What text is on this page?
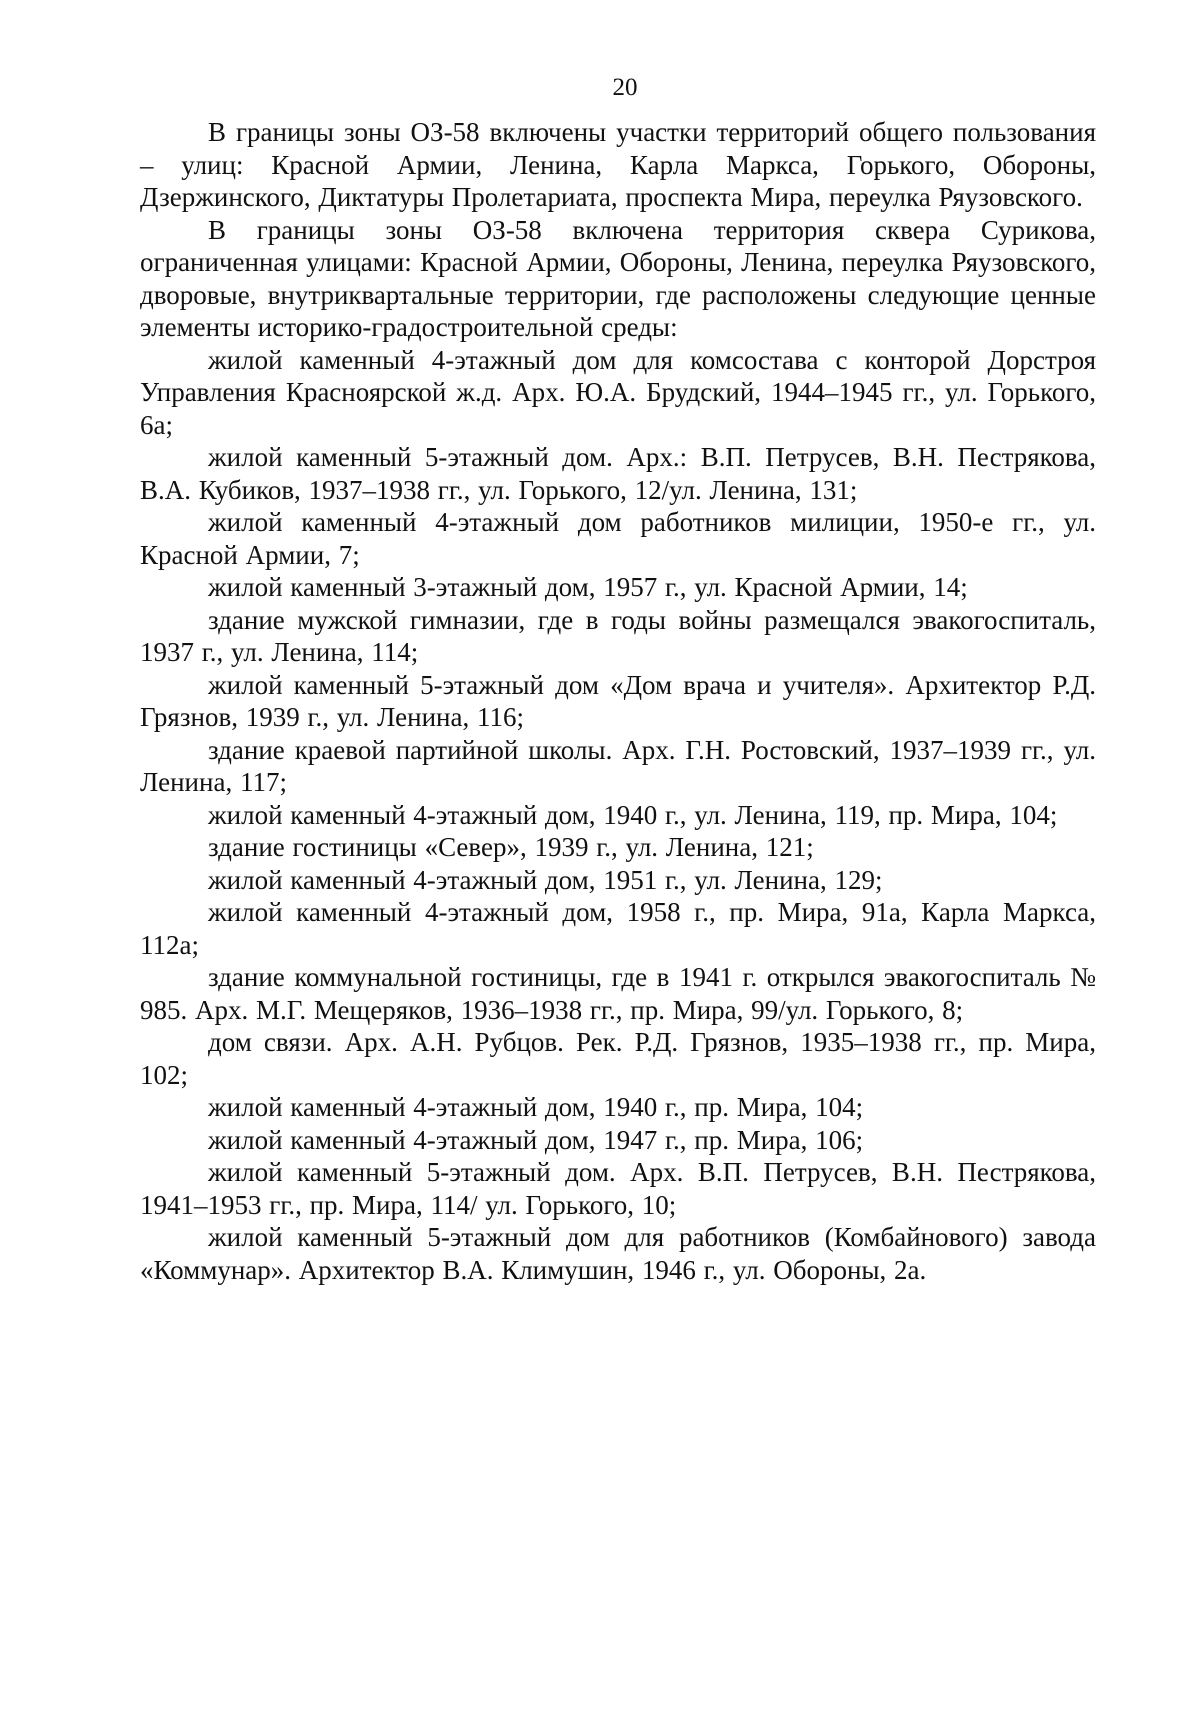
20

В границы зоны ОЗ-58 включены участки территорий общего пользования – улиц: Красной Армии, Ленина, Карла Маркса, Горького, Обороны, Дзержинского, Диктатуры Пролетариата, проспекта Мира, переулка Ряузовского.

В границы зоны ОЗ-58 включена территория сквера Сурикова, ограниченная улицами: Красной Армии, Обороны, Ленина, переулка Ряузовского, дворовые, внутриквартальные территории, где расположены следующие ценные элементы историко-градостроительной среды:

жилой каменный 4-этажный дом для комсостава с конторой Дорстроя Управления Красноярской ж.д. Арх. Ю.А. Брудский, 1944–1945 гг., ул. Горького, 6а;

жилой каменный 5-этажный дом. Арх.: В.П. Петрусев, В.Н. Пестрякова, В.А. Кубиков, 1937–1938 гг., ул. Горького, 12/ул. Ленина, 131;

жилой каменный 4-этажный дом работников милиции, 1950-е гг., ул. Красной Армии, 7;

жилой каменный 3-этажный дом, 1957 г., ул. Красной Армии, 14;

здание мужской гимназии, где в годы войны размещался эвакогоспиталь, 1937 г., ул. Ленина, 114;

жилой каменный 5-этажный дом «Дом врача и учителя». Архитектор Р.Д. Грязнов, 1939 г., ул. Ленина, 116;

здание краевой партийной школы. Арх. Г.Н. Ростовский, 1937–1939 гг., ул. Ленина, 117;

жилой каменный 4-этажный дом, 1940 г., ул. Ленина, 119, пр. Мира, 104;

здание гостиницы «Север», 1939 г., ул. Ленина, 121;

жилой каменный 4-этажный дом, 1951 г., ул. Ленина, 129;

жилой каменный 4-этажный дом, 1958 г., пр. Мира, 91а, Карла Маркса, 112а;

здание коммунальной гостиницы, где в 1941 г. открылся эвакогоспиталь № 985. Арх. М.Г. Мещеряков, 1936–1938 гг., пр. Мира, 99/ул. Горького, 8;

дом связи. Арх. А.Н. Рубцов. Рек. Р.Д. Грязнов, 1935–1938 гг., пр. Мира, 102;

жилой каменный 4-этажный дом, 1940 г., пр. Мира, 104;

жилой каменный 4-этажный дом, 1947 г., пр. Мира, 106;

жилой каменный 5-этажный дом. Арх. В.П. Петрусев, В.Н. Пестрякова, 1941–1953 гг., пр. Мира, 114/ ул. Горького, 10;

жилой каменный 5-этажный дом для работников (Комбайнового) завода «Коммунар». Архитектор В.А. Климушин, 1946 г., ул. Обороны, 2а.
